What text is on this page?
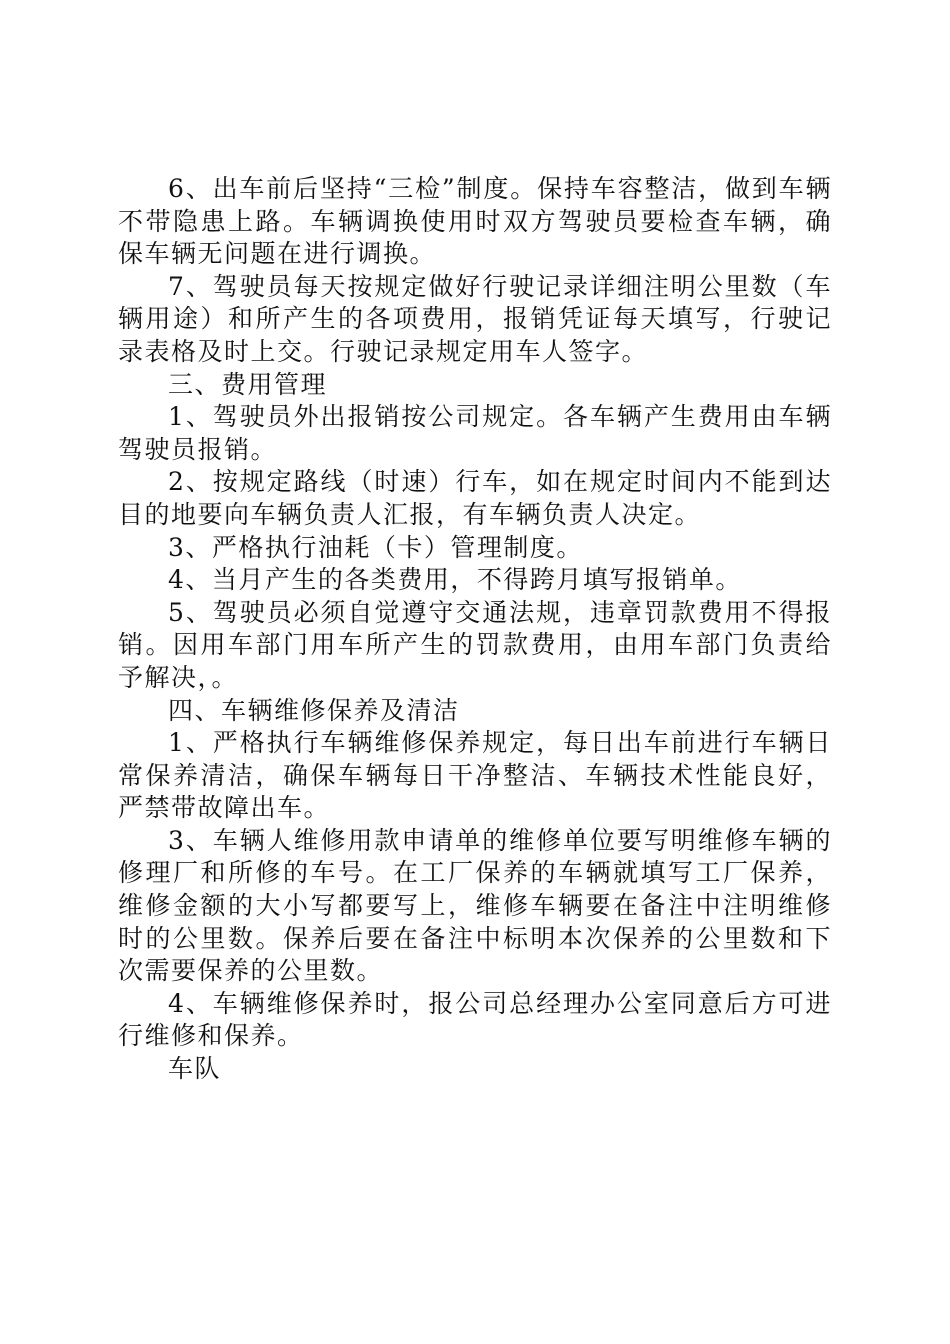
6、出车前后坚持“三检”制度。保持车容整洁，做到车辆不带隐患上路。车辆调换使用时双方驾驶员要检查车辆，确保车辆无问题在进行调换。

7、驾驶员每天按规定做好行驶记录详细注明公里数（车辆用途）和所产生的各项费用，报销凭证每天填写，行驶记录表格及时上交。行驶记录规定用车人签字。

三、费用管理

1、驾驶员外出报销按公司规定。各车辆产生费用由车辆驾驶员报销。

2、按规定路线（时速）行车，如在规定时间内不能到达目的地要向车辆负责人汇报，有车辆负责人决定。

3、严格执行油耗（卡）管理制度。

4、当月产生的各类费用，不得跨月填写报销单。

5、驾驶员必须自觉遵守交通法规，违章罚款费用不得报销。因用车部门用车所产生的罚款费用，由用车部门负责给予解决，。

四、车辆维修保养及清洁

1、严格执行车辆维修保养规定，每日出车前进行车辆日常保养清洁，确保车辆每日干净整洁、车辆技术性能良好，严禁带故障出车。

3、车辆人维修用款申请单的维修单位要写明维修车辆的修理厂和所修的车号。在工厂保养的车辆就填写工厂保养，维修金额的大小写都要写上，维修车辆要在备注中注明维修时的公里数。保养后要在备注中标明本次保养的公里数和下次需要保养的公里数。

4、车辆维修保养时，报公司总经理办公室同意后方可进行维修和保养。

车队
